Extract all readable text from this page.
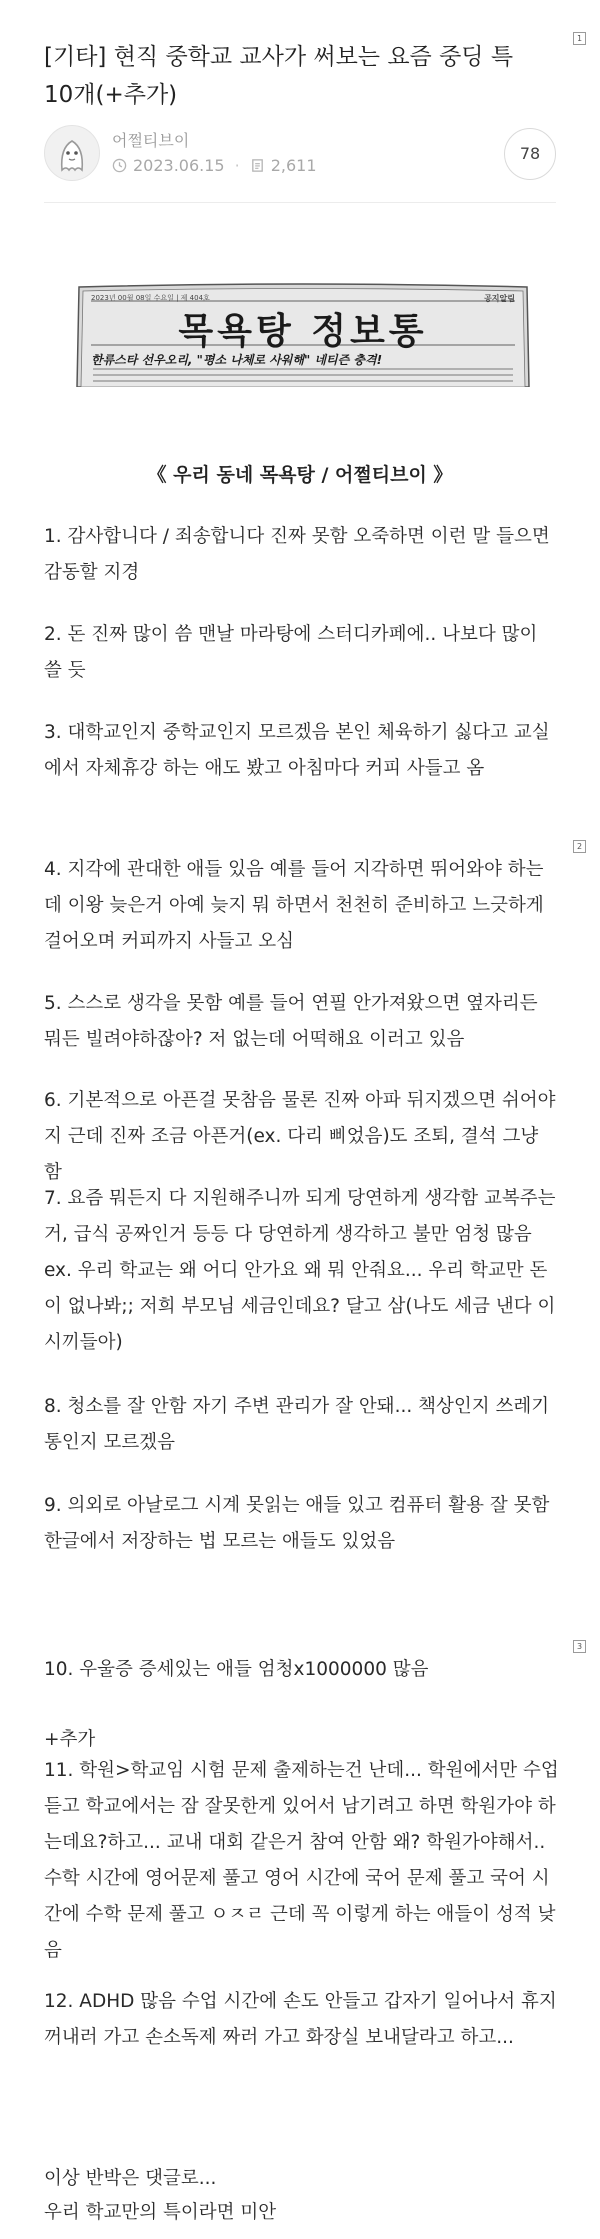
1
2
3
[기타] 현직 중학교 교사가 써보는 요즘 중딩 특 10개(+추가)
어쩔티브이
2023.06.15 · 2,611
78
2023년 00월 08일 수요일 | 제 404호	공지알림
목욕탕 정보통
한류스타 선우오리, "평소 나체로 사워해" 네티즌 충격!
《 우리 동네 목욕탕 / 어쩔티브이 》

1. 감사합니다 / 죄송합니다 진짜 못함 오죽하면 이런 말 들으면 감동할 지경

2. 돈 진짜 많이 씀 맨날 마라탕에 스터디카페에.. 나보다 많이 쓸 듯

3. 대학교인지 중학교인지 모르겠음 본인 체육하기 싫다고 교실에서 자체휴강 하는 애도 봤고 아침마다 커피 사들고 옴

4. 지각에 관대한 애들 있음 예를 들어 지각하면 뛰어와야 하는데 이왕 늦은거 아예 늦지 뭐 하면서 천천히 준비하고 느긋하게 걸어오며 커피까지 사들고 오심

5. 스스로 생각을 못함 예를 들어 연필 안가져왔으면 옆자리든 뭐든 빌려야하잖아? 저 없는데 어떡해요 이러고 있음

6. 기본적으로 아픈걸 못참음 물론 진짜 아파 뒤지겠으면 쉬어야지 근데 진짜 조금 아픈거(ex. 다리 삐었음)도 조퇴, 결석 그냥 함

7. 요즘 뭐든지 다 지원해주니까 되게 당연하게 생각함 교복주는거, 급식 공짜인거 등등 다 당연하게 생각하고 불만 엄청 많음 ex. 우리 학교는 왜 어디 안가요 왜 뭐 안줘요... 우리 학교만 돈이 없나봐;; 저희 부모님 세금인데요? 달고 삼(나도 세금 낸다 이 시끼들아)

8. 청소를 잘 안함 자기 주변 관리가 잘 안돼... 책상인지 쓰레기통인지 모르겠음

9. 의외로 아날로그 시계 못읽는 애들 있고 컴퓨터 활용 잘 못함 한글에서 저장하는 법 모르는 애들도 있었음

10. 우울증 증세있는 애들 엄청x1000000 많음

+추가

11. 학원>학교임 시험 문제 출제하는건 난데... 학원에서만 수업듣고 학교에서는 잠 잘못한게 있어서 남기려고 하면 학원가야 하는데요?하고... 교내 대회 같은거 참여 안함 왜? 학원가야해서.. 수학 시간에 영어문제 풀고 영어 시간에 국어 문제 풀고 국어 시간에 수학 문제 풀고 ㅇㅈㄹ 근데 꼭 이렇게 하는 애들이 성적 낮음

12. ADHD 많음 수업 시간에 손도 안들고 갑자기 일어나서 휴지 꺼내러 가고 손소독제 짜러 가고 화장실 보내달라고 하고...

이상 반박은 댓글로...

우리 학교만의 특이라면 미안
